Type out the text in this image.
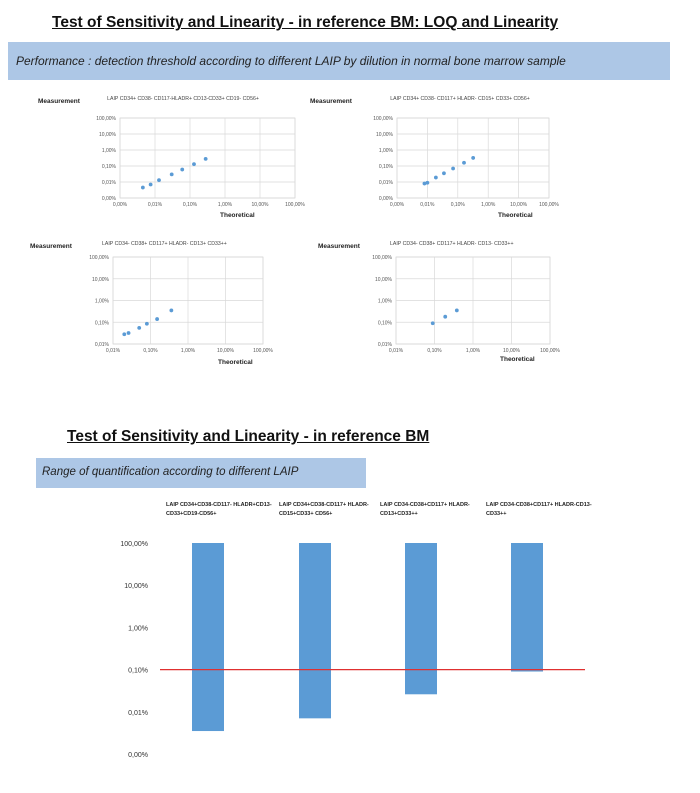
Test of Sensitivity and Linearity - in reference BM: LOQ and Linearity
Performance : detection threshold according to different LAIP by dilution in normal bone marrow sample
0,00%
0,01%
0,10%
1,00%
10,00%
100,00%
0,00%	0,01%	0,10%	1,00%	10,00%	100,00%
Measurement	LAIP CD34+ CD38- CD117-HLADR+ CD13-CD33+ CD19- CD56+
Theoretical
0,00%
0,01%
0,10%
1,00%
10,00%
100,00%
0,00%	0,01%	0,10%	1,00%	10,00% 100,00%
Measurement	LAIP CD34+ CD38- CD117+ HLADR- CD15+ CD33+ CD56+
Theoretical
0,01%
0,10%
1,00%
10,00%
100,00%
0,01%	0,10%	1,00%	10,00%	100,00%
Measurement	LAIP CD34- CD38+ CD117+ HLADR- CD13+ CD33++
Theoretical
0,01%
0,10%
1,00%
10,00%
100,00%
0,01%	0,10%	1,00%	10,00%	100,00%
Measurement	LAIP CD34- CD38+ CD117+ HLADR- CD13- CD33++
Theoretical
Test of Sensitivity and Linearity - in reference BM
Range of quantification according to different LAIP
LAIP CD34+CD38-CD117- HLADR+CD13-CD33+CD19-CD56+
LAIP CD34+CD38-CD117+ HLADR-CD15+CD33+ CD56+
LAIP CD34-CD38+CD117+ HLADR-CD13+CD33++
LAIP CD34-CD38+CD117+ HLADR-CD13-CD33++
0,00%
0,01%
0,10%
1,00%
10,00%
100,00%
